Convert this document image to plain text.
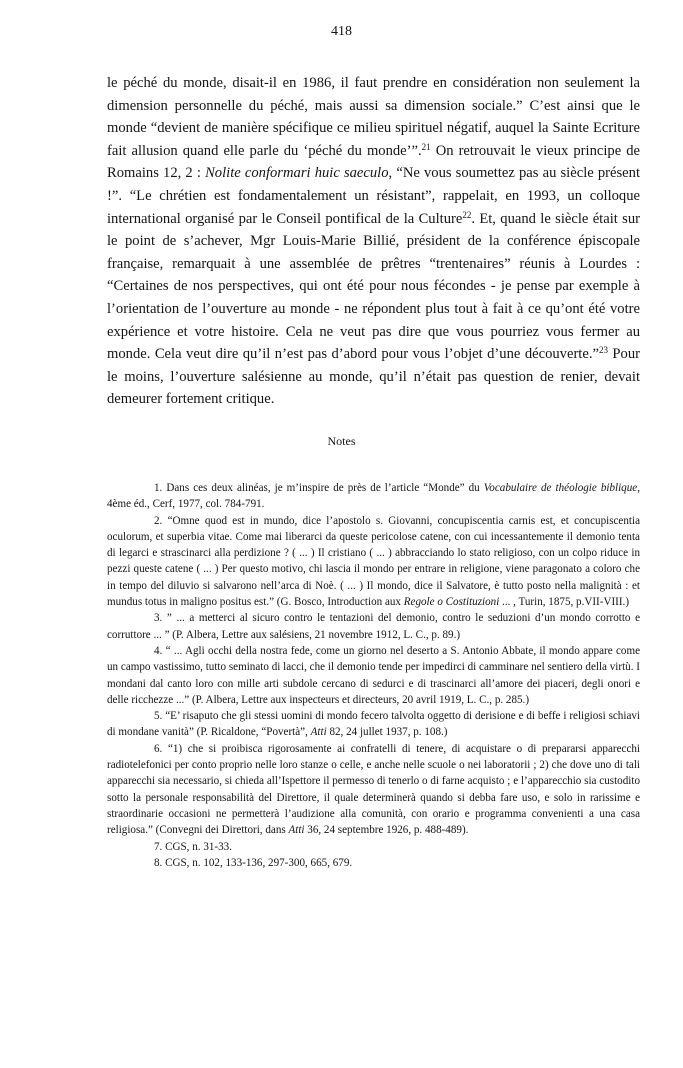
418

le péché du monde, disait-il en 1986, il faut prendre en considération non seulement la dimension personnelle du péché, mais aussi sa dimension sociale.” C’est ainsi que le monde “devient de manière spécifique ce milieu spirituel négatif, auquel la Sainte Ecriture fait allusion quand elle parle du ‘péché du monde’”.$^{21}$ On retrouvait le vieux principe de Romains 12, 2 : Nolite conformari huic saeculo, “Ne vous soumettez pas au siècle présent !”. “Le chrétien est fondamentalement un résistant”, rappelait, en 1993, un colloque international organisé par le Conseil pontifical de la Culture$^{22}$. Et, quand le siècle était sur le point de s’achever, Mgr Louis-Marie Billié, président de la conférence épiscopale française, remarquait à une assemblée de prêtres “trentenaires” réunis à Lourdes : “Certaines de nos perspectives, qui ont été pour nous fécondes - je pense par exemple à l’orientation de l’ouverture au monde - ne répondent plus tout à fait à ce qu’ont été votre expérience et votre histoire. Cela ne veut pas dire que vous pourriez vous fermer au monde. Cela veut dire qu’il n’est pas d’abord pour vous l’objet d’une découverte.”$^{23}$ Pour le moins, l’ouverture salésienne au monde, qu’il n’était pas question de renier, devait demeurer fortement critique.

Notes

1. Dans ces deux alinéas, je m’inspire de près de l’article “Monde” du Vocabulaire de théologie biblique, 4ème éd., Cerf, 1977, col. 784-791.

2. “Omne quod est in mundo, dice l’apostolo s. Giovanni, concupiscentia carnis est, et concupiscentia oculorum, et superbia vitae. Come mai liberarci da queste pericolose catene, con cui incessantemente il demonio tenta di legarci e strascinarci alla perdizione ? ( ... ) Il cristiano ( ... ) abbracciando lo stato religioso, con un colpo riduce in pezzi queste catene ( ... ) Per questo motivo, chi lascia il mondo per entrare in religione, viene paragonato a coloro che in tempo del diluvio si salvarono nell’arca di Noè. ( ... ) Il mondo, dice il Salvatore, è tutto posto nella malignità : et mundus totus in maligno positus est.” (G. Bosco, Introduction aux Regole o Costituzioni ... , Turin, 1875, p.VII-VIII.)

3. ” ... a metterci al sicuro contro le tentazioni del demonio, contro le seduzioni d’un mondo corrotto e corruttore ... ” (P. Albera, Lettre aux salésiens, 21 novembre 1912, L. C., p. 89.)

4. “ ... Agli occhi della nostra fede, come un giorno nel deserto a S. Antonio Abbate, il mondo appare come un campo vastissimo, tutto seminato di lacci, che il demonio tende per impedirci di camminare nel sentiero della virtù. I mondani dal canto loro con mille arti subdole cercano di sedurci e di trascinarci all’amore dei piaceri, degli onori e delle ricchezze ...” (P. Albera, Lettre aux inspecteurs et directeurs, 20 avril 1919, L. C., p. 285.)

5. “E’ risaputo che gli stessi uomini di mondo fecero talvolta oggetto di derisione e di beffe i religiosi schiavi di mondane vanità” (P. Ricaldone, “Povertà”, Atti 82, 24 jullet 1937, p. 108.)

6. “1) che si proibisca rigorosamente ai confratelli di tenere, di acquistare o di prepararsi apparecchi radiotelefonici per conto proprio nelle loro stanze o celle, e anche nelle scuole o nei laboratorii ; 2) che dove uno di tali apparecchi sia necessario, si chieda all’Ispettore il permesso di tenerlo o di farne acquisto ; e l’apparecchio sia custodito sotto la personale responsabilità del Direttore, il quale determinerà quando si debba fare uso, e solo in rarissime e straordinarie occasioni ne permetterà l’audizione alla comunità, con orario e programma convenienti a una casa religiosa.” (Convegni dei Direttori, dans Atti 36, 24 septembre 1926, p. 488-489).

7. CGS, n. 31-33.

8. CGS, n. 102, 133-136, 297-300, 665, 679.
